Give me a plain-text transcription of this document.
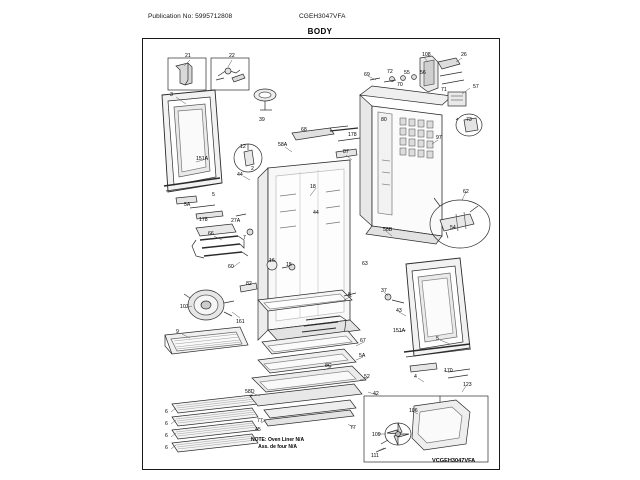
Publication No: 5995712808	CGEH3047VFA
BODY
21	22	108	26
3
69	72 55 56
57
70
71
73
39
68
178
80
97
58A
12
151A
44
2
87
18
62
5
5A
178	27A
44
58B	54
66
7
60
16
15	63
82
107
161
9
8
37
43
151A
5
67
5A
170
4
123
8C
52
42
58D
106
109
111
45
77
77
6
6
6
6
NOTE: Oven Liner N/A
Ass. de four N/A
VCGEH3047VFA
